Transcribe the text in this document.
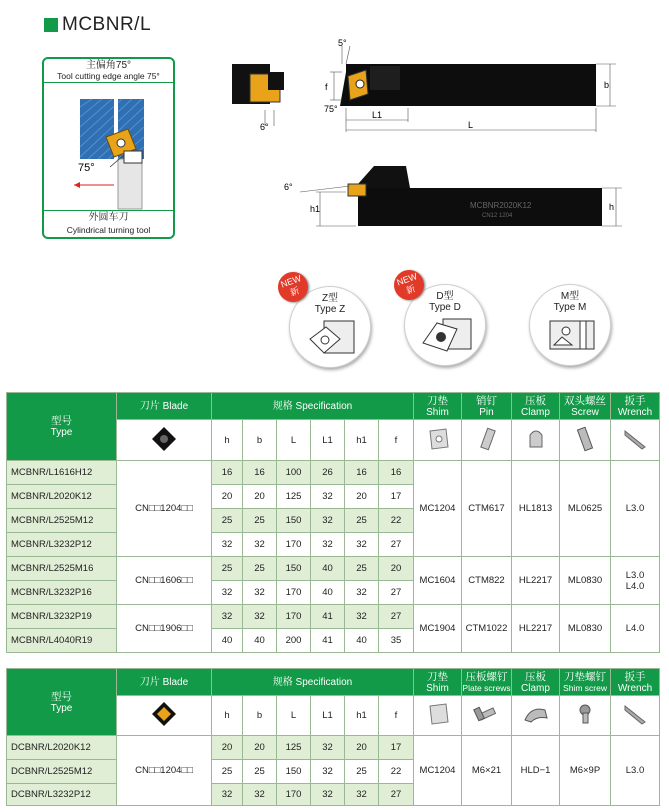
MCBNR/L
主偏角75°
Tool cutting edge angle 75°
75°
外圆车刀
Cylindrical turning tool
6°
b
f
5°
75°
L1
L
MCBNR2020K12
CN12 1204
h
h1
6°
Z型
Type Z
NEW 新	D型
Type D
NEW 新
M型
Type M
型号
Type	刀片 Blade	规格 Specification						刀垫
Shim	销钉
Pin	压板
Clamp	双头螺丝
Screw	扳手
Wrench

	h	b	L	L1	h1	f					
MCBNR/L1616H12	CN□□1204□□	16	16	100	26	16	16	MC1204	CTM617	HL1813	ML0625	L3.0
MCBNR/L2020K12		20	20	125	32	20	17					
MCBNR/L2525M12		25	25	150	32	25	22					
MCBNR/L3232P12		32	32	170	32	32	27					
MCBNR/L2525M16	CN□□1606□□	25	25	150	40	25	20	MC1604	CTM822	HL2217	ML0830	L3.0
L4.0

MCBNR/L3232P16		32	32	170	40	32	27					
MCBNR/L3232P19	CN□□1906□□	32	32	170	41	32	27	MC1904	CTM1022	HL2217	ML0830	L4.0
MCBNR/L4040R19		40	40	200	41	40	35					
型号
Type	刀片 Blade	规格 Specification						刀垫
Shim	压板螺钉
Plate screws	压板
Clamp	刀垫螺钉
Shim screw	扳手
Wrench

	h	b	L	L1	h1	f					
DCBNR/L2020K12	CN□□1204□□	20	20	125	32	20	17	MC1204	M6×21	HLD−1	M6×9P	L3.0
DCBNR/L2525M12		25	25	150	32	25	22					
DCBNR/L3232P12		32	32	170	32	32	27					
